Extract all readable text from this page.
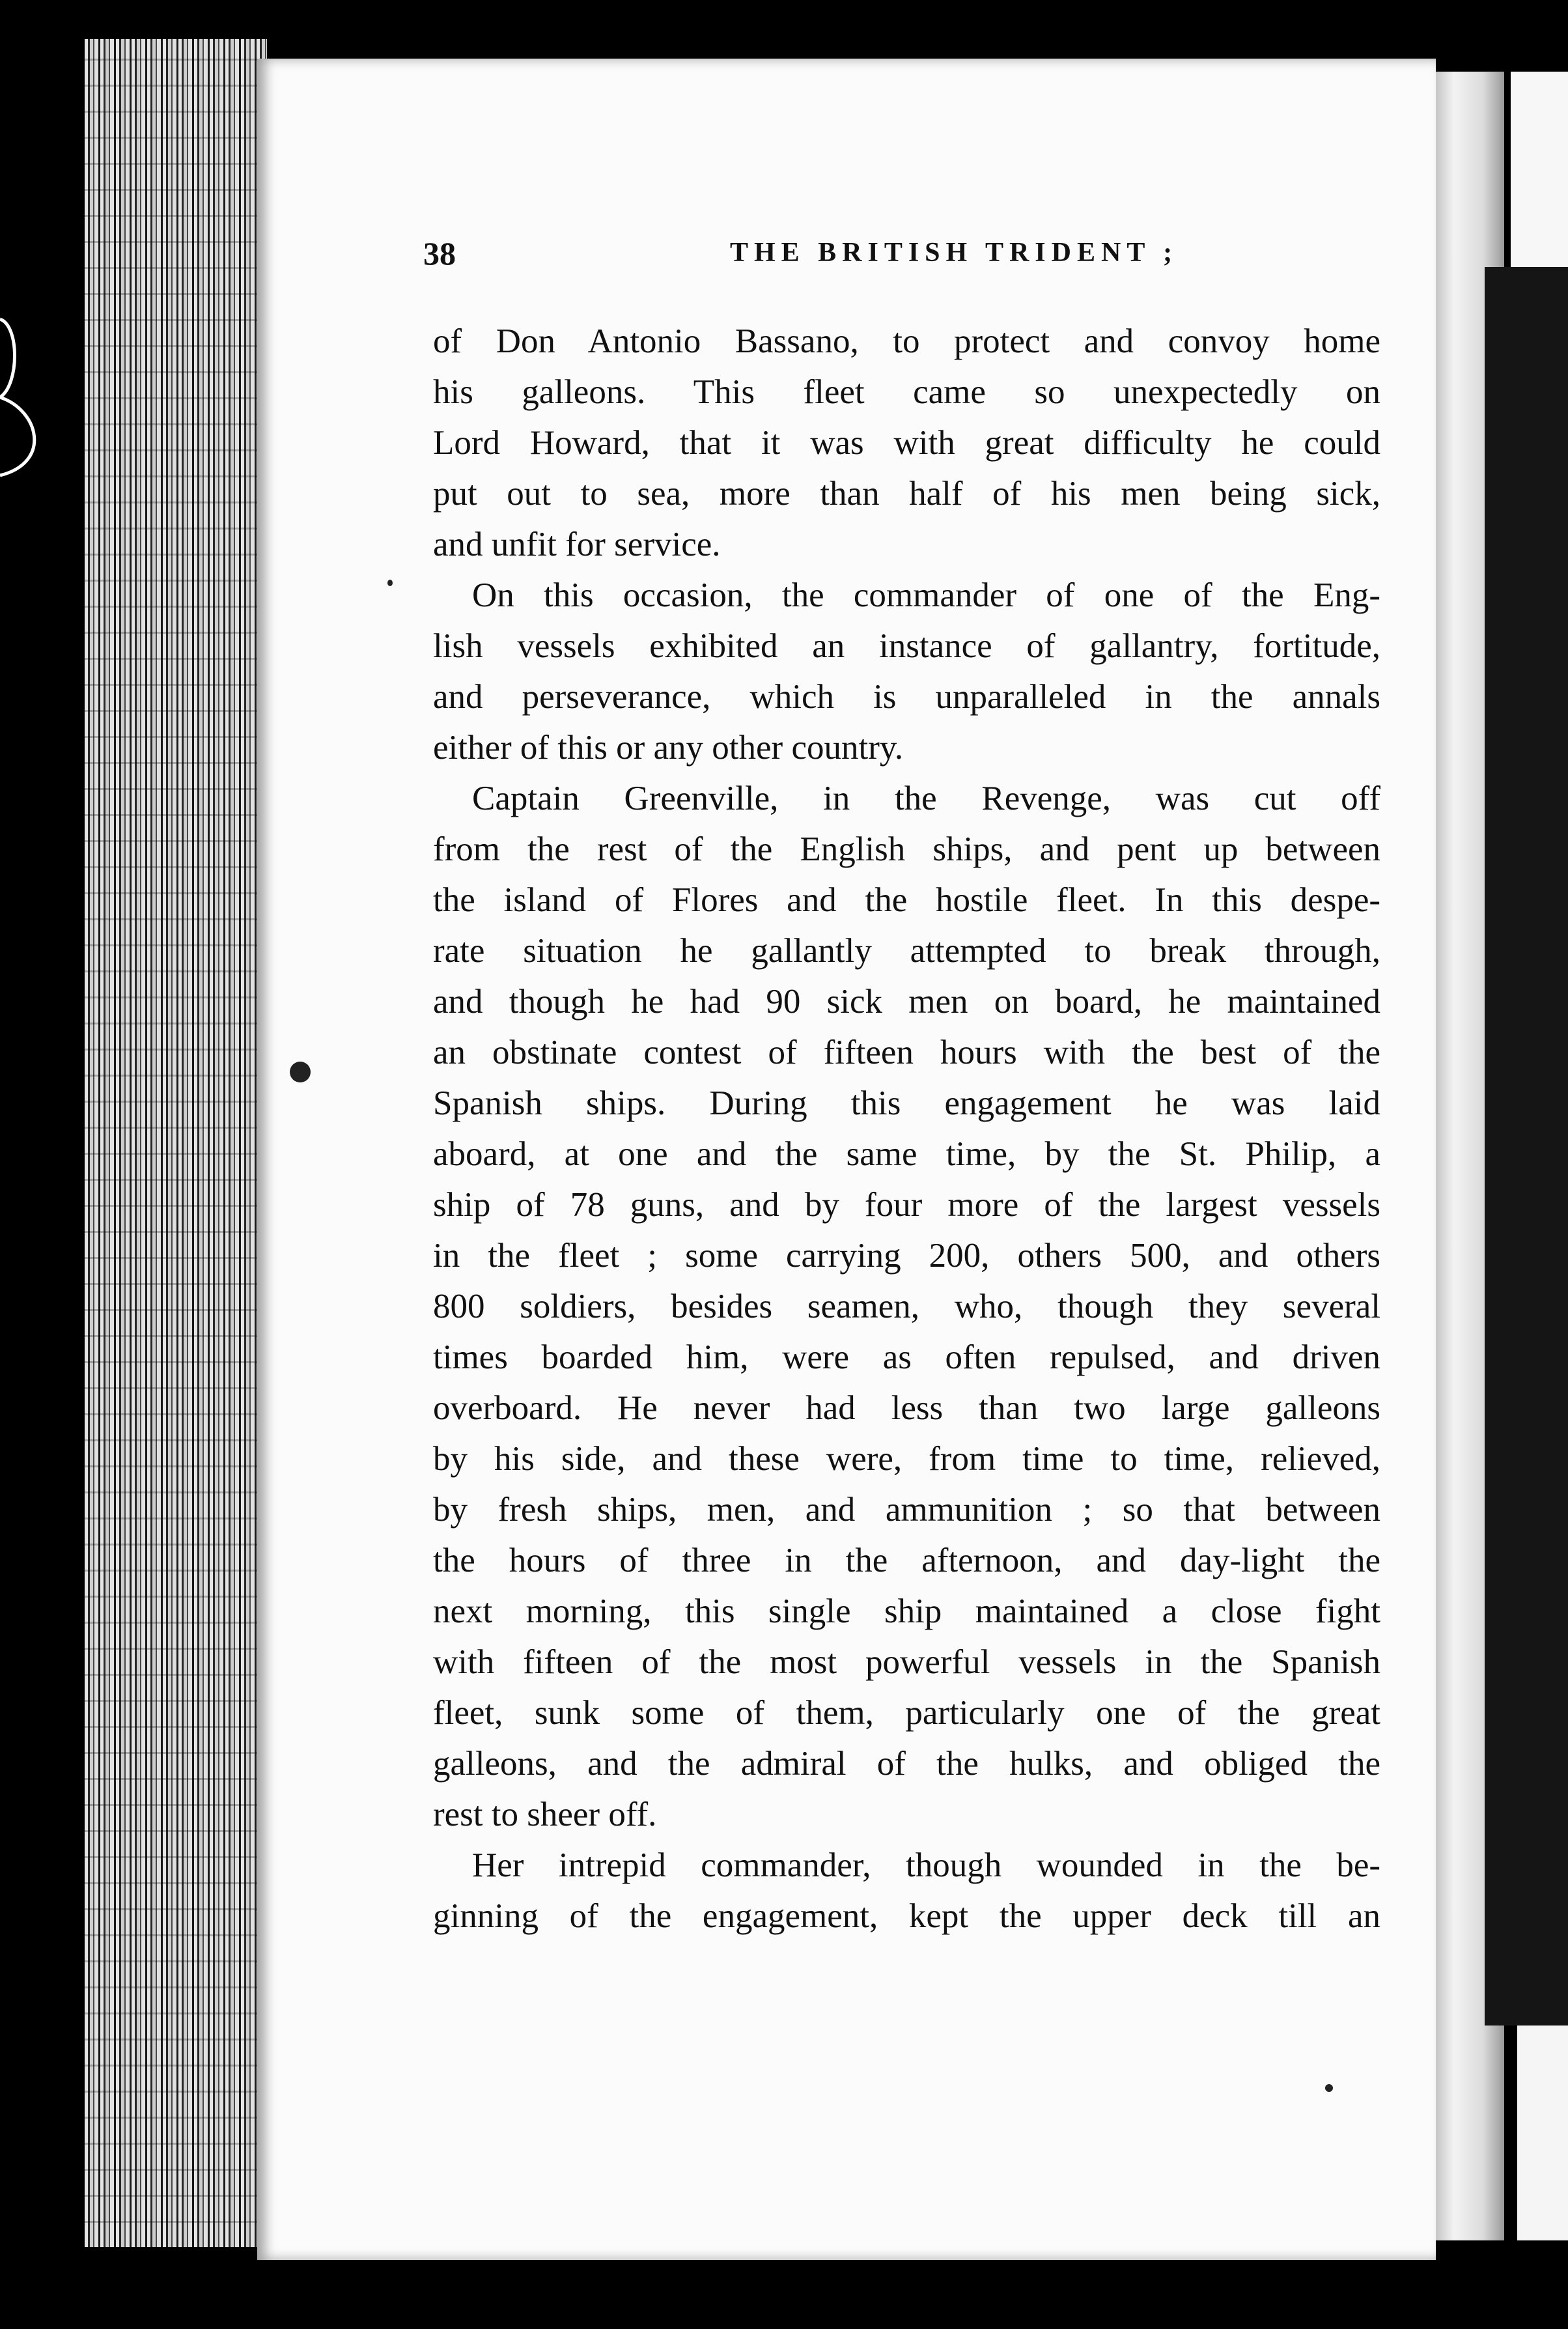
38	THE BRITISH TRIDENT ;
of Don Antonio Bassano, to protect and convoy home
his galleons. This fleet came so unexpectedly on
Lord Howard, that it was with great difficulty he could
put out to sea, more than half of his men being sick,
and unfit for service.
On this occasion, the commander of one of the Eng-
lish vessels exhibited an instance of gallantry, fortitude,
and perseverance, which is unparalleled in the annals
either of this or any other country.
Captain Greenville, in the Revenge, was cut off
from the rest of the English ships, and pent up between
the island of Flores and the hostile fleet. In this despe-
rate situation he gallantly attempted to break through,
and though he had 90 sick men on board, he maintained
an obstinate contest of fifteen hours with the best of the
Spanish ships. During this engagement he was laid
aboard, at one and the same time, by the St. Philip, a
ship of 78 guns, and by four more of the largest vessels
in the fleet ; some carrying 200, others 500, and others
800 soldiers, besides seamen, who, though they several
times boarded him, were as often repulsed, and driven
overboard. He never had less than two large galleons
by his side, and these were, from time to time, relieved,
by fresh ships, men, and ammunition ; so that between
the hours of three in the afternoon, and day-light the
next morning, this single ship maintained a close fight
with fifteen of the most powerful vessels in the Spanish
fleet, sunk some of them, particularly one of the great
galleons, and the admiral of the hulks, and obliged the
rest to sheer off.
Her intrepid commander, though wounded in the be-
ginning of the engagement, kept the upper deck till an
